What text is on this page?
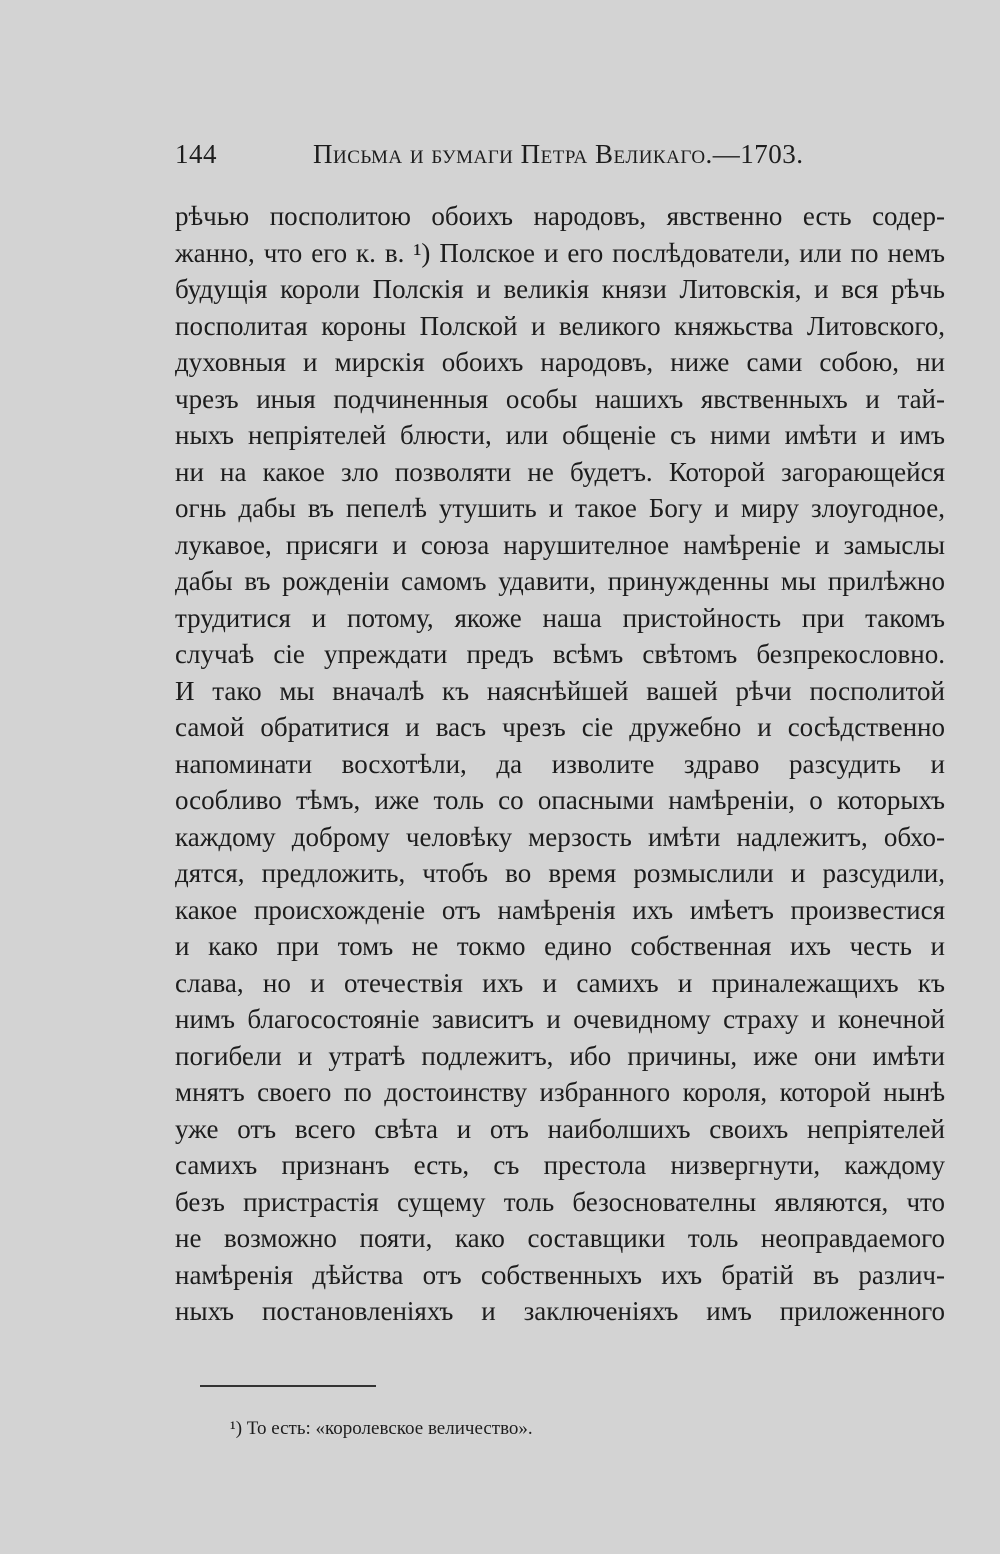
144	Письма и бумаги Петра Великаго.—1703.
рѣчью посполитою обоихъ народовъ, явственно есть содер-
жанно, что его к. в. ¹) Полское и его послѣдователи, или по немъ
будущія короли Полскія и великія князи Литовскія, и вся рѣчь
посполитая короны Полской и великого княжьства Литовского,
духовныя и мирскія обоихъ народовъ, ниже сами собою, ни
чрезъ иныя подчиненныя особы нашихъ явственныхъ и тай-
ныхъ непріятелей блюсти, или общеніе съ ними имѣти и имъ
ни на какое зло позволяти не будетъ. Которой загорающейся
огнь дабы въ пепелѣ утушить и такое Богу и миру злоугодное,
лукавое, присяги и союза нарушителное намѣреніе и замыслы
дабы въ рожденіи самомъ удавити, принужденны мы прилѣжно
трудитися и потому, якоже наша пристойность при такомъ
случаѣ сіе упреждати предъ всѣмъ свѣтомъ безпрекословно.
И тако мы вначалѣ къ наяснѣйшей вашей рѣчи посполитой
самой обратитися и васъ чрезъ сіе дружебно и сосѣдственно
напоминати восхотѣли, да изволите здраво разсудить и
особливо тѣмъ, иже толь со опасными намѣреніи, о которыхъ
каждому доброму человѣку мерзость имѣти надлежитъ, обхо-
дятся, предложить, чтобъ во время розмыслили и разсудили,
какое происхожденіе отъ намѣренія ихъ имѣетъ произвестися
и како при томъ не токмо едино собственная ихъ честь и
слава, но и отечествія ихъ и самихъ и приналежащихъ къ
нимъ благосостояніе зависитъ и очевидному страху и конечной
погибели и утратѣ подлежитъ, ибо причины, иже они имѣти
мнятъ своего по достоинству избранного короля, которой нынѣ
уже отъ всего свѣта и отъ наиболшихъ своихъ непріятелей
самихъ признанъ есть, съ престола низвергнути, каждому
безъ пристрастія сущему толь безоснователны являются, что
не возможно пояти, како составщики толь неоправдаемого
намѣренія дѣйства отъ собственныхъ ихъ братій въ различ-
ныхъ постановленіяхъ и заключеніяхъ имъ приложенного
¹) То есть: «королевское величество».
